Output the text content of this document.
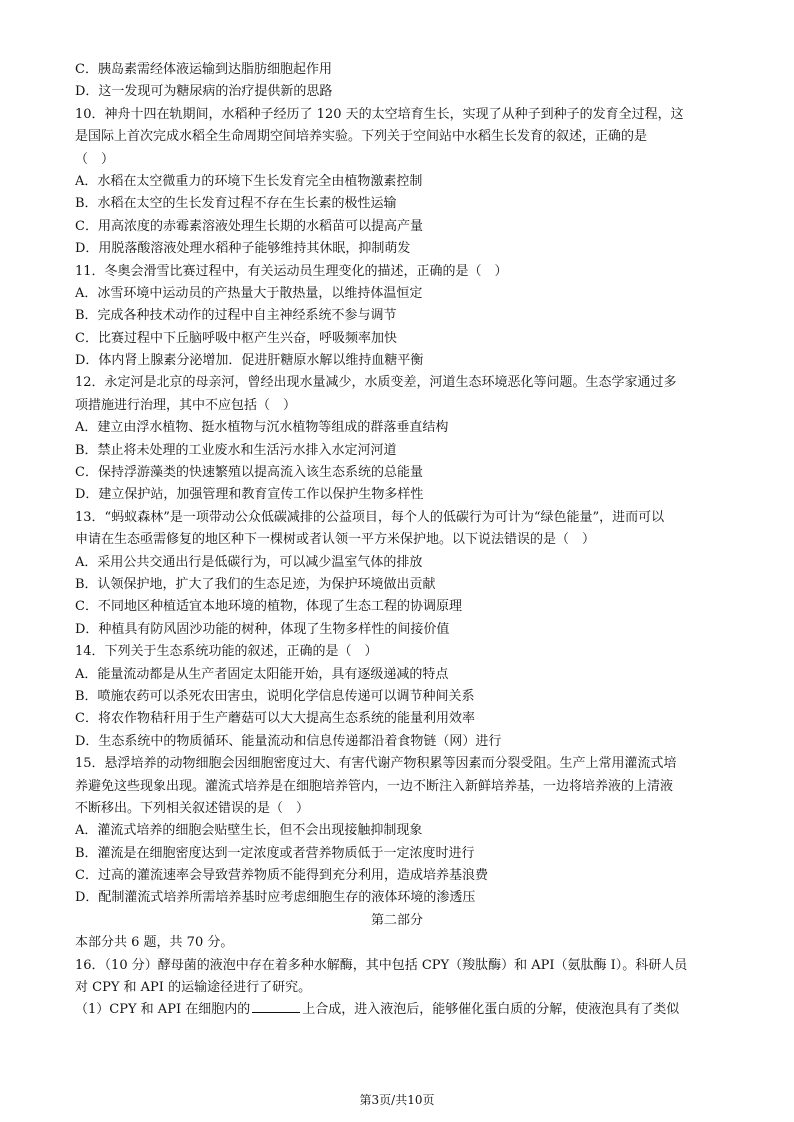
C．胰岛素需经体液运输到达脂肪细胞起作用
D．这一发现可为糖尿病的治疗提供新的思路
10．神舟十四在轨期间，水稻种子经历了 120 天的太空培育生长，实现了从种子到种子的发育全过程，这
是国际上首次完成水稻全生命周期空间培养实验。下列关于空间站中水稻生长发育的叙述，正确的是
（　）
A．水稻在太空微重力的环境下生长发育完全由植物激素控制
B．水稻在太空的生长发育过程不存在生长素的极性运输
C．用高浓度的赤霉素溶液处理生长期的水稻苗可以提高产量
D．用脱落酸溶液处理水稻种子能够维持其休眠，抑制萌发
11．冬奥会滑雪比赛过程中，有关运动员生理变化的描述，正确的是（　）
A．冰雪环境中运动员的产热量大于散热量，以维持体温恒定
B．完成各种技术动作的过程中自主神经系统不参与调节
C．比赛过程中下丘脑呼吸中枢产生兴奋，呼吸频率加快
D．体内肾上腺素分泌增加．促进肝糖原水解以维持血糖平衡
12．永定河是北京的母亲河，曾经出现水量减少，水质变差，河道生态环境恶化等问题。生态学家通过多
项措施进行治理，其中不应包括（　）
A．建立由浮水植物、挺水植物与沉水植物等组成的群落垂直结构
B．禁止将未处理的工业废水和生活污水排入水定河河道
C．保持浮游藻类的快速繁殖以提高流入该生态系统的总能量
D．建立保护站，加强管理和教育宣传工作以保护生物多样性
13．“蚂蚁森林”是一项带动公众低碳减排的公益项目，每个人的低碳行为可计为“绿色能量”，进而可以
申请在生态亟需修复的地区种下一棵树或者认领一平方米保护地。以下说法错误的是（　）
A．采用公共交通出行是低碳行为，可以减少温室气体的排放
B．认领保护地，扩大了我们的生态足迹，为保护环境做出贡献
C．不同地区种植适宜本地环境的植物，体现了生态工程的协调原理
D．种植具有防风固沙功能的树种，体现了生物多样性的间接价值
14．下列关于生态系统功能的叙述，正确的是（　）
A．能量流动都是从生产者固定太阳能开始，具有逐级递减的特点
B．喷施农药可以杀死农田害虫，说明化学信息传递可以调节种间关系
C．将农作物秸秆用于生产蘑菇可以大大提高生态系统的能量利用效率
D．生态系统中的物质循环、能量流动和信息传递都沿着食物链（网）进行
15．悬浮培养的动物细胞会因细胞密度过大、有害代谢产物积累等因素而分裂受阻。生产上常用灌流式培
养避免这些现象出现。灌流式培养是在细胞培养管内，一边不断注入新鲜培养基，一边将培养液的上清液
不断移出。下列相关叙述错误的是（　）
A．灌流式培养的细胞会贴壁生长，但不会出现接触抑制现象
B．灌流是在细胞密度达到一定浓度或者营养物质低于一定浓度时进行
C．过高的灌流速率会导致营养物质不能得到充分利用，造成培养基浪费
D．配制灌流式培养所需培养基时应考虑细胞生存的液体环境的渗透压
第二部分
本部分共 6 题，共 70 分。
16．（10 分）酵母菌的液泡中存在着多种水解酶，其中包括 CPY（羧肽酶）和 API（氨肽酶 I）。科研人员
对 CPY 和 API 的运输途径进行了研究。
（1）CPY 和 API 在细胞内的	上合成，进入液泡后，能够催化蛋白质的分解，使液泡具有了类似
第3页/共10页
